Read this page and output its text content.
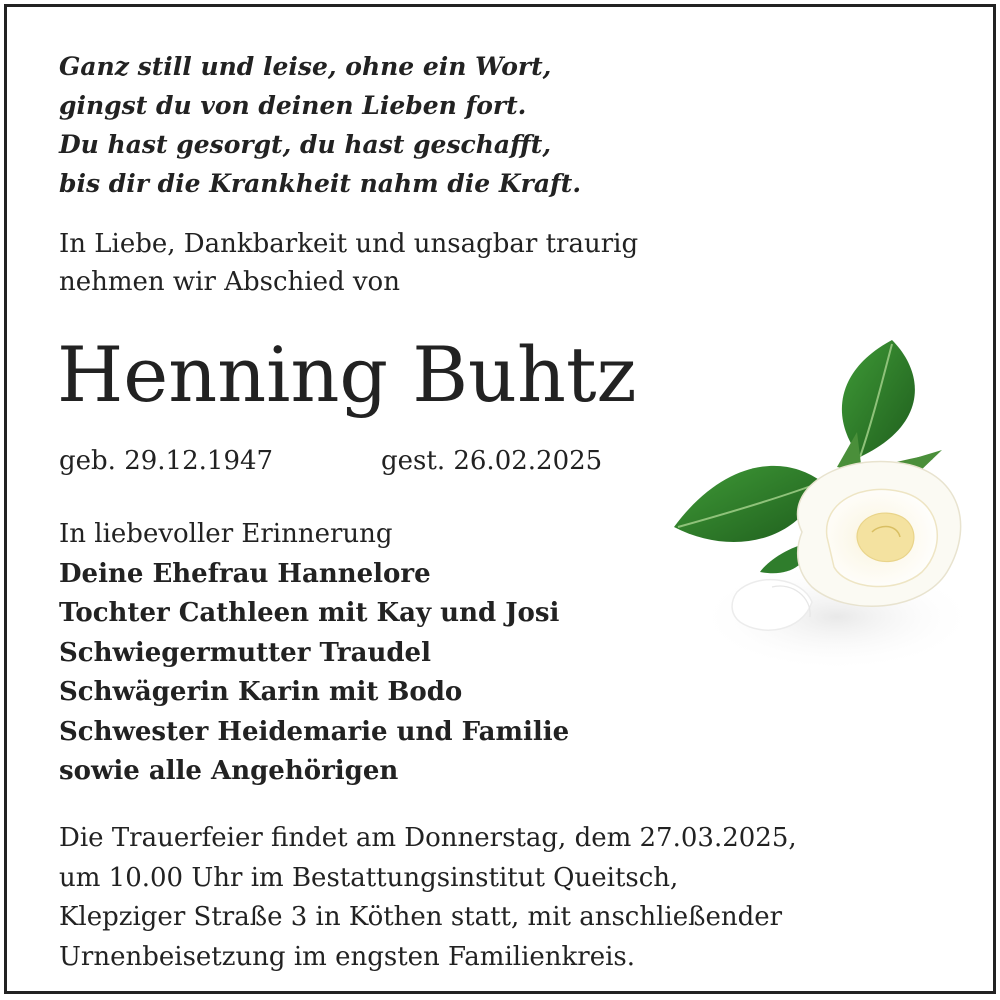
Ganz still und leise, ohne ein Wort,
gingst du von deinen Lieben fort.
Du hast gesorgt, du hast geschafft,
bis dir die Krankheit nahm die Kraft.
In Liebe, Dankbarkeit und unsagbar traurig
nehmen wir Abschied von
Henning Buhtz
geb. 29.12.1947	gest. 26.02.2025
In liebevoller Erinnerung
Deine Ehefrau Hannelore
Tochter Cathleen mit Kay und Josi
Schwiegermutter Traudel
Schwägerin Karin mit Bodo
Schwester Heidemarie und Familie
sowie alle Angehörigen
Die Trauerfeier findet am Donnerstag, dem 27.03.2025,
um 10.00 Uhr im Bestattungsinstitut Queitsch,
Klepziger Straße 3 in Köthen statt, mit anschließender
Urnenbeisetzung im engsten Familienkreis.
